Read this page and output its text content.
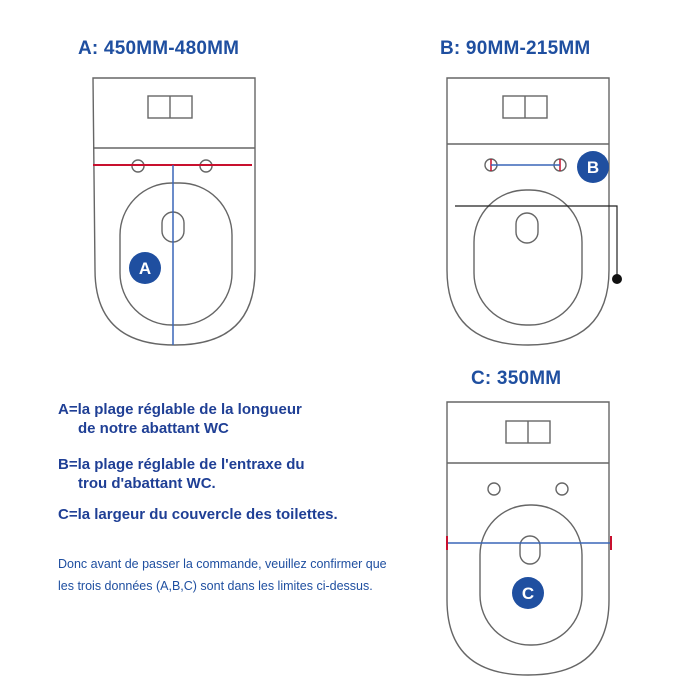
A: 450MM-480MM	B: 90MM-215MM
C: 350MM
A
B
C
A=la plage réglable de la longueur
de notre abattant WC
B=la plage réglable de l'entraxe du
trou d'abattant WC.
C=la largeur du couvercle des toilettes.
Donc avant de passer la commande, veuillez confirmer que les trois données (A,B,C) sont dans les limites ci-dessus.
